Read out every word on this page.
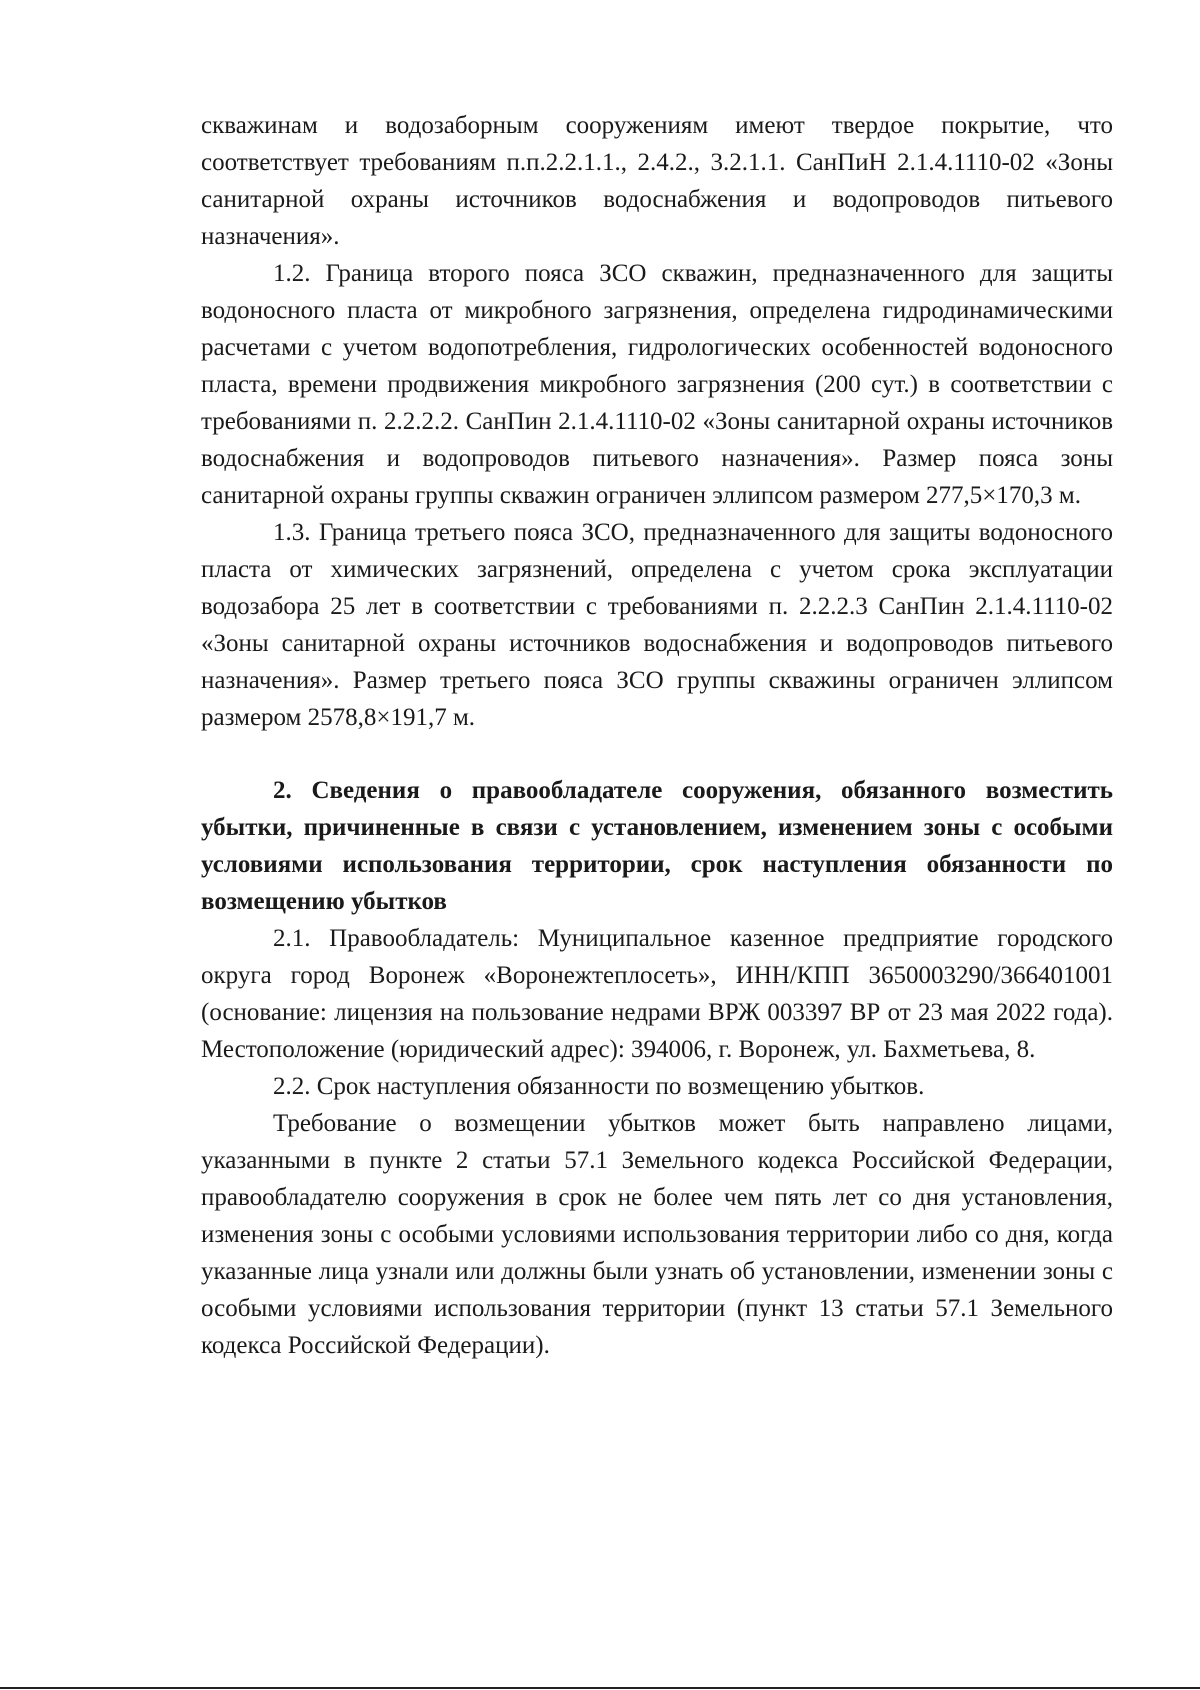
скважинам и водозаборным сооружениям имеют твердое покрытие, что соответствует требованиям п.п.2.2.1.1., 2.4.2., 3.2.1.1. СанПиН 2.1.4.1110-02 «Зоны санитарной охраны источников водоснабжения и водопроводов питьевого назначения».

1.2. Граница второго пояса ЗСО скважин, предназначенного для защиты водоносного пласта от микробного загрязнения, определена гидродинамическими расчетами с учетом водопотребления, гидрологических особенностей водоносного пласта, времени продвижения микробного загрязнения (200 сут.) в соответствии с требованиями п. 2.2.2.2. СанПин 2.1.4.1110-02 «Зоны санитарной охраны источников водоснабжения и водопроводов питьевого назначения». Размер пояса зоны санитарной охраны группы скважин ограничен эллипсом размером 277,5×170,3 м.

1.3. Граница третьего пояса ЗСО, предназначенного для защиты водоносного пласта от химических загрязнений, определена с учетом срока эксплуатации водозабора 25 лет в соответствии с требованиями п. 2.2.2.3 СанПин 2.1.4.1110-02 «Зоны санитарной охраны источников водоснабжения и водопроводов питьевого назначения». Размер третьего пояса ЗСО группы скважины ограничен эллипсом размером 2578,8×191,7 м.

2. Сведения о правообладателе сооружения, обязанного возместить убытки, причиненные в связи с установлением, изменением зоны с особыми условиями использования территории, срок наступления обязанности по возмещению убытков

2.1. Правообладатель: Муниципальное казенное предприятие городского округа город Воронеж «Воронежтеплосеть», ИНН/КПП 3650003290/366401001 (основание: лицензия на пользование недрами ВРЖ 003397 ВР от 23 мая 2022 года). Местоположение (юридический адрес): 394006, г. Воронеж, ул. Бахметьева, 8.

2.2. Срок наступления обязанности по возмещению убытков.

Требование о возмещении убытков может быть направлено лицами, указанными в пункте 2 статьи 57.1 Земельного кодекса Российской Федерации, правообладателю сооружения в срок не более чем пять лет со дня установления, изменения зоны с особыми условиями использования территории либо со дня, когда указанные лица узнали или должны были узнать об установлении, изменении зоны с особыми условиями использования территории (пункт 13 статьи 57.1 Земельного кодекса Российской Федерации).
